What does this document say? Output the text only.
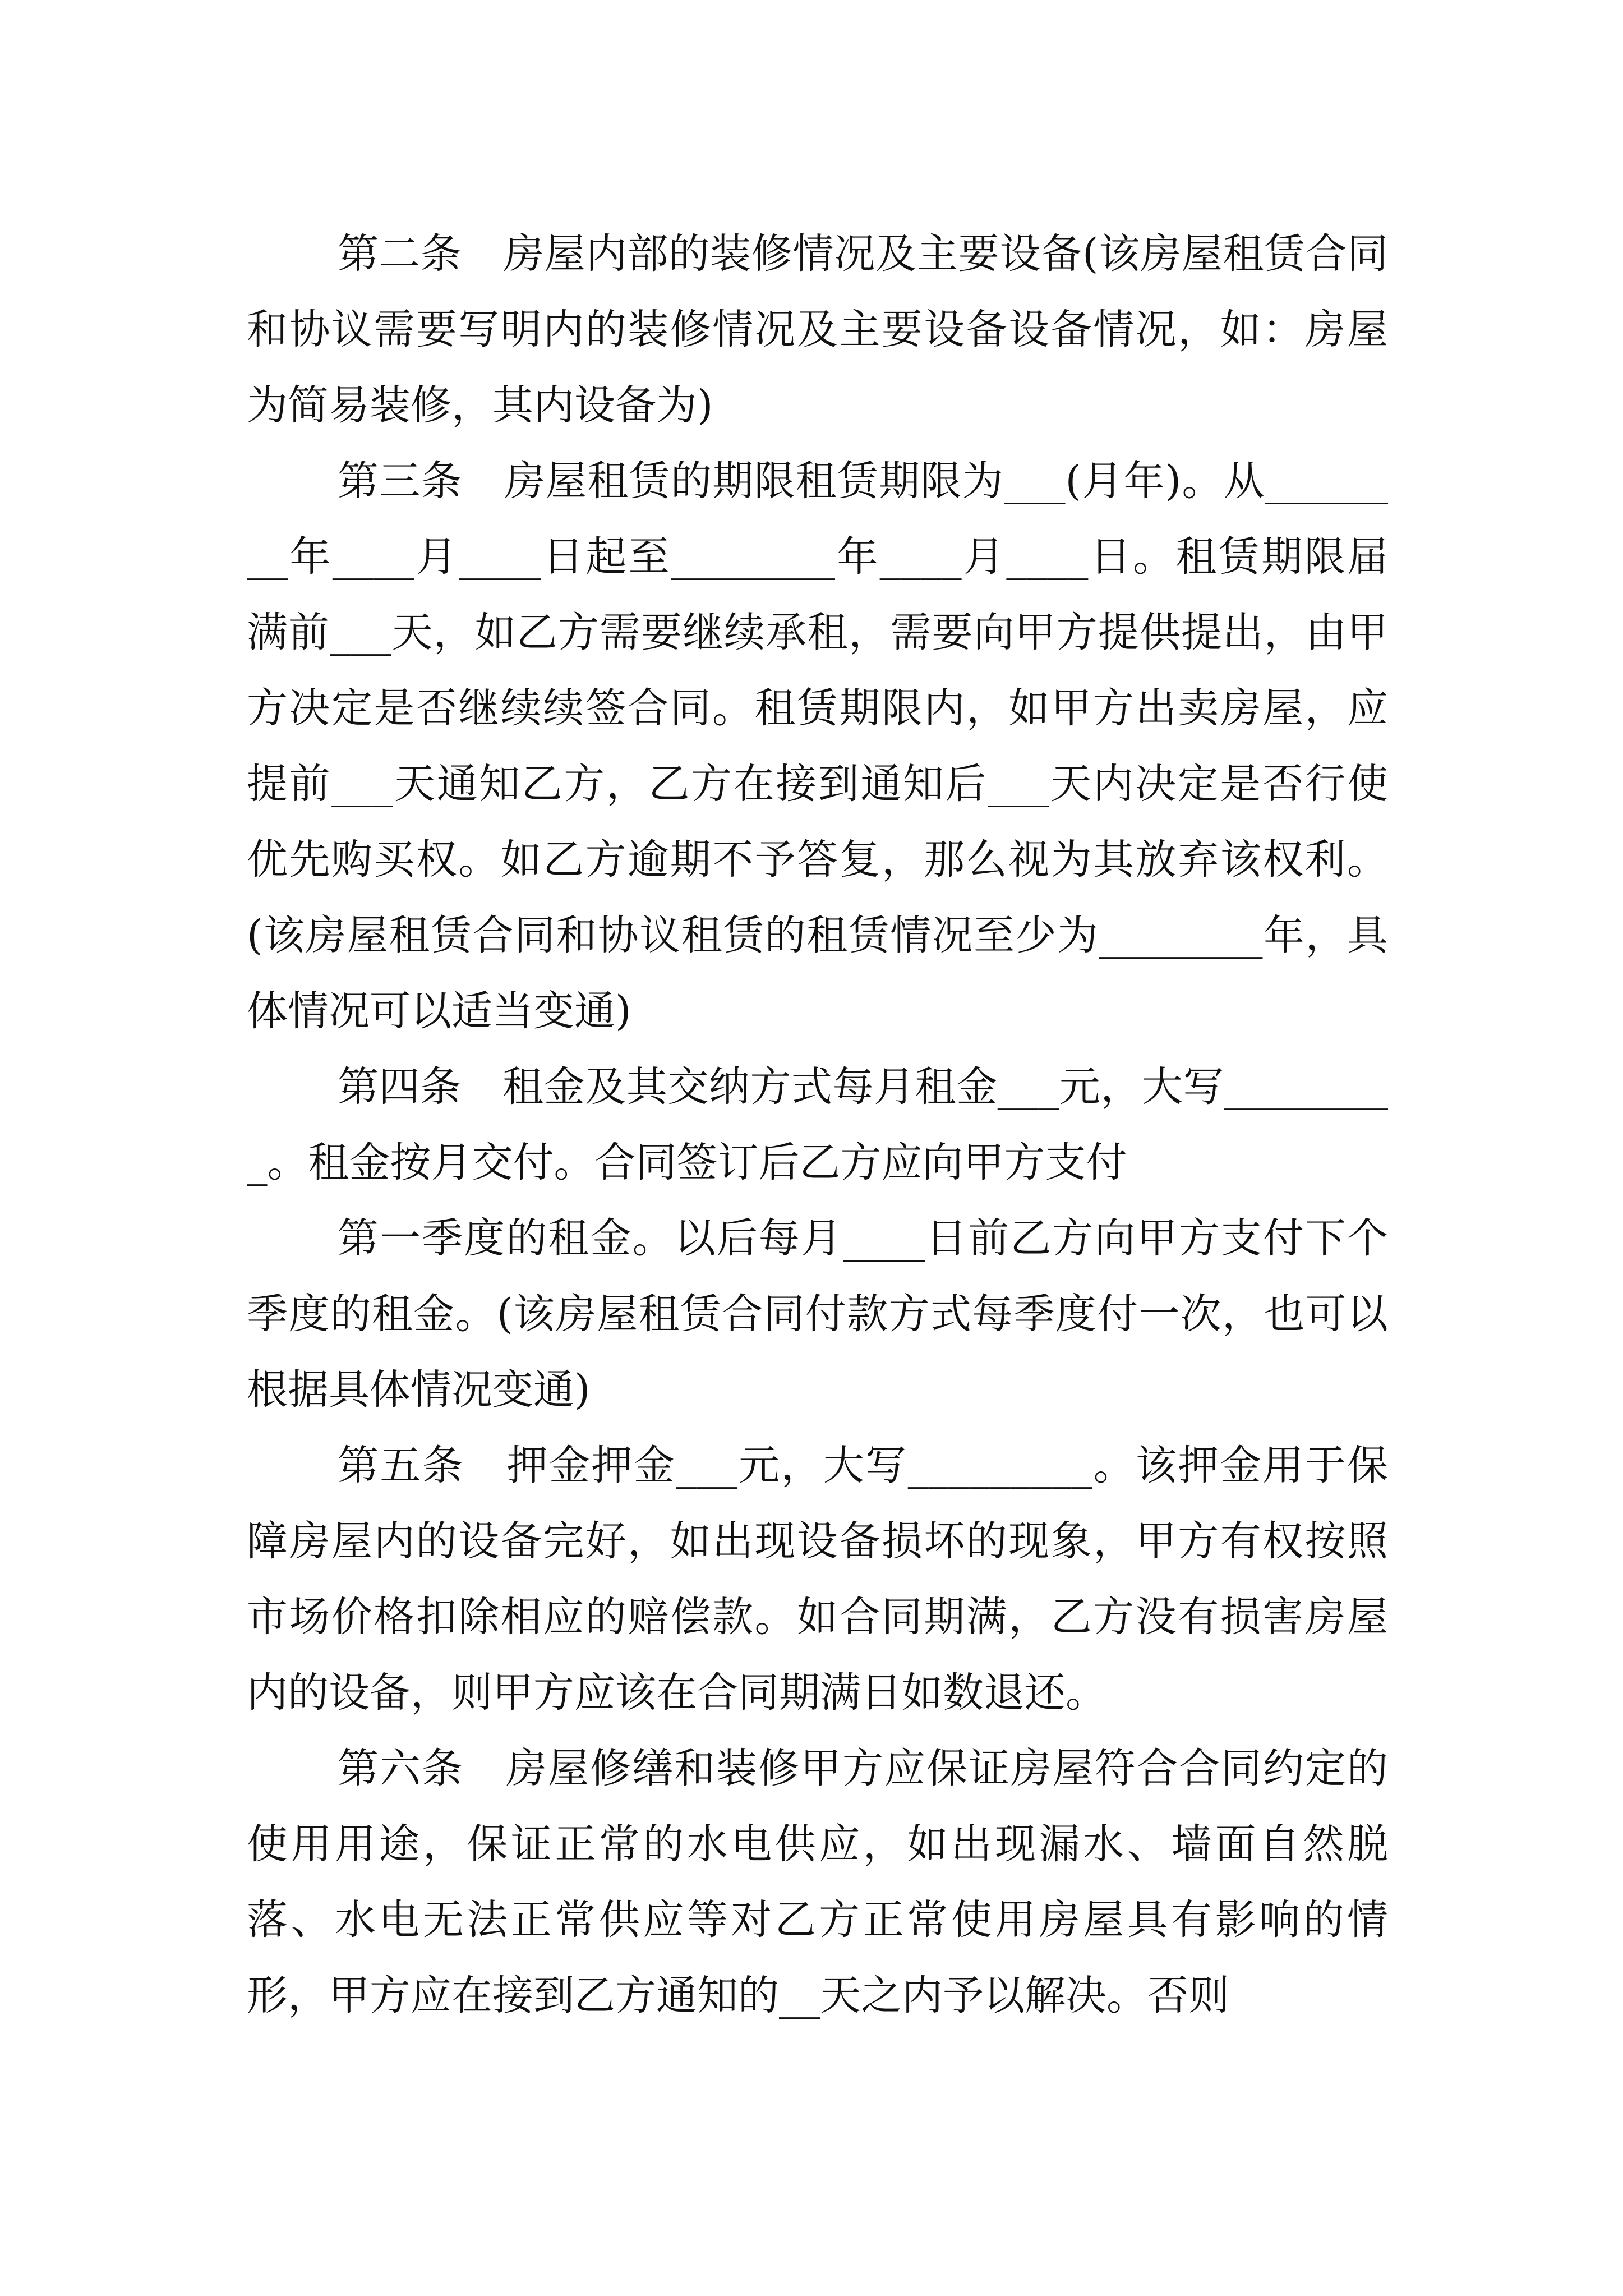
第二条　房屋内部的装修情况及主要设备(该房屋租赁合同和协议需要写明内的装修情况及主要设备设备情况，如：房屋为简易装修，其内设备为)

第三条　房屋租赁的期限租赁期限为___(月年)。从________年____月____日起至________年____月____日。租赁期限届满前___天，如乙方需要继续承租，需要向甲方提供提出，由甲方决定是否继续续签合同。租赁期限内，如甲方出卖房屋，应提前___天通知乙方，乙方在接到通知后___天内决定是否行使优先购买权。如乙方逾期不予答复，那么视为其放弃该权利。(该房屋租赁合同和协议租赁的租赁情况至少为________年，具体情况可以适当变通)

第四条　租金及其交纳方式每月租金___元，大写_________。租金按月交付。合同签订后乙方应向甲方支付

第一季度的租金。以后每月____日前乙方向甲方支付下个季度的租金。(该房屋租赁合同付款方式每季度付一次，也可以根据具体情况变通)

第五条　押金押金___元，大写_________。该押金用于保障房屋内的设备完好，如出现设备损坏的现象，甲方有权按照市场价格扣除相应的赔偿款。如合同期满，乙方没有损害房屋内的设备，则甲方应该在合同期满日如数退还。

第六条　房屋修缮和装修甲方应保证房屋符合合同约定的使用用途，保证正常的水电供应，如出现漏水、墙面自然脱落、水电无法正常供应等对乙方正常使用房屋具有影响的情形，甲方应在接到乙方通知的__天之内予以解决。否则
